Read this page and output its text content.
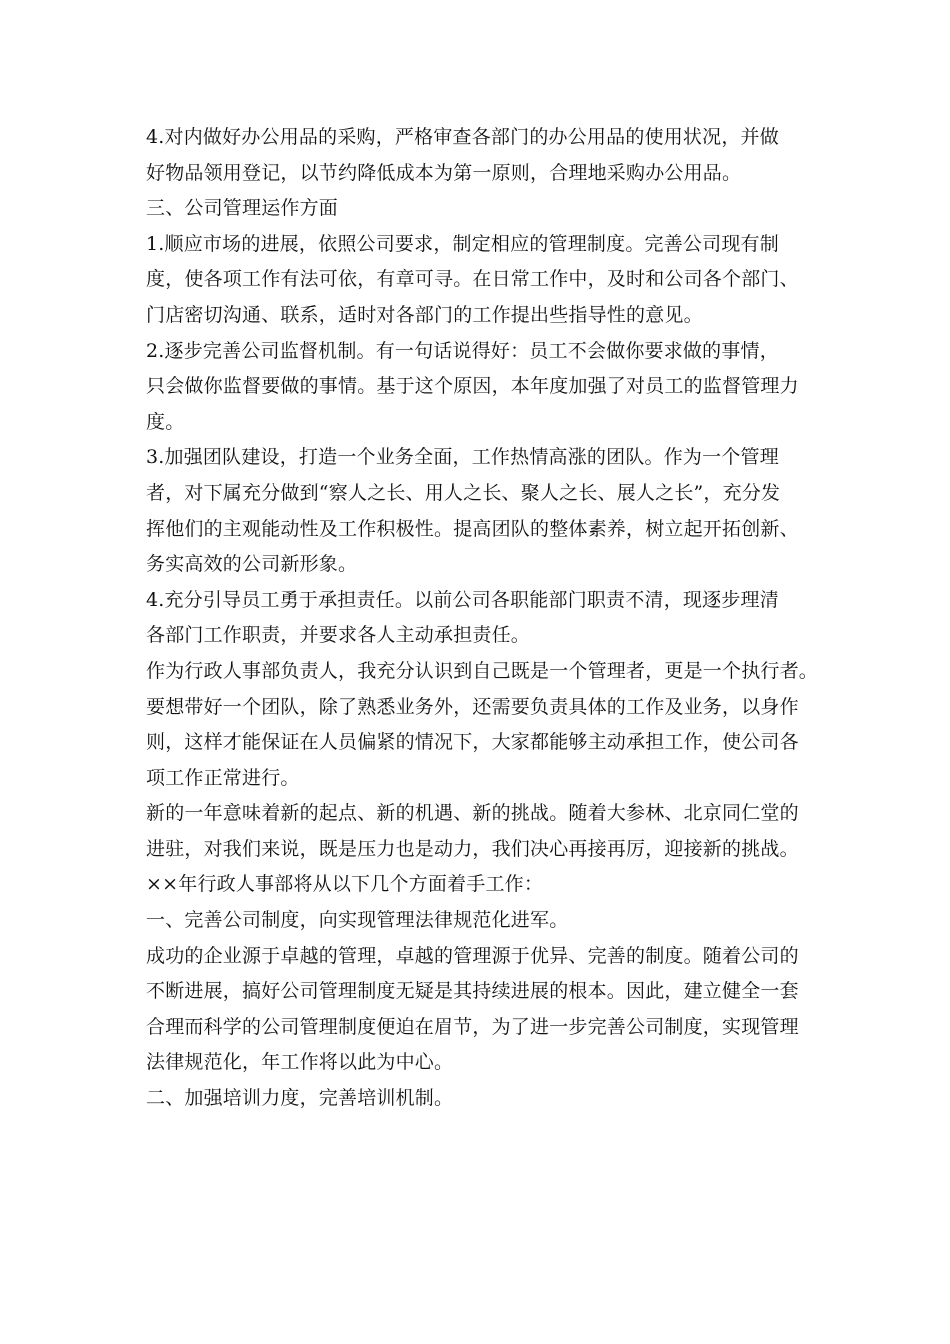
4.对内做好办公用品的采购，严格审查各部门的办公用品的使用状况，并做
好物品领用登记，以节约降低成本为第一原则，合理地采购办公用品。
三、公司管理运作方面
1.顺应市场的进展，依照公司要求，制定相应的管理制度。完善公司现有制
度，使各项工作有法可依，有章可寻。在日常工作中，及时和公司各个部门、
门店密切沟通、联系，适时对各部门的工作提出些指导性的意见。
2.逐步完善公司监督机制。有一句话说得好：员工不会做你要求做的事情，
只会做你监督要做的事情。基于这个原因，本年度加强了对员工的监督管理力
度。
3.加强团队建设，打造一个业务全面，工作热情高涨的团队。作为一个管理
者，对下属充分做到“察人之长、用人之长、聚人之长、展人之长”，充分发
挥他们的主观能动性及工作积极性。提高团队的整体素养，树立起开拓创新、
务实高效的公司新形象。
4.充分引导员工勇于承担责任。以前公司各职能部门职责不清，现逐步理清
各部门工作职责，并要求各人主动承担责任。
作为行政人事部负责人，我充分认识到自己既是一个管理者，更是一个执行者。
要想带好一个团队，除了熟悉业务外，还需要负责具体的工作及业务，以身作
则，这样才能保证在人员偏紧的情况下，大家都能够主动承担工作，使公司各
项工作正常进行。
新的一年意味着新的起点、新的机遇、新的挑战。随着大参林、北京同仁堂的
进驻，对我们来说，既是压力也是动力，我们决心再接再厉，迎接新的挑战。
××年行政人事部将从以下几个方面着手工作：
一、完善公司制度，向实现管理法律规范化进军。
成功的企业源于卓越的管理，卓越的管理源于优异、完善的制度。随着公司的
不断进展，搞好公司管理制度无疑是其持续进展的根本。因此，建立健全一套
合理而科学的公司管理制度便迫在眉节，为了进一步完善公司制度，实现管理
法律规范化，年工作将以此为中心。
二、加强培训力度，完善培训机制。
